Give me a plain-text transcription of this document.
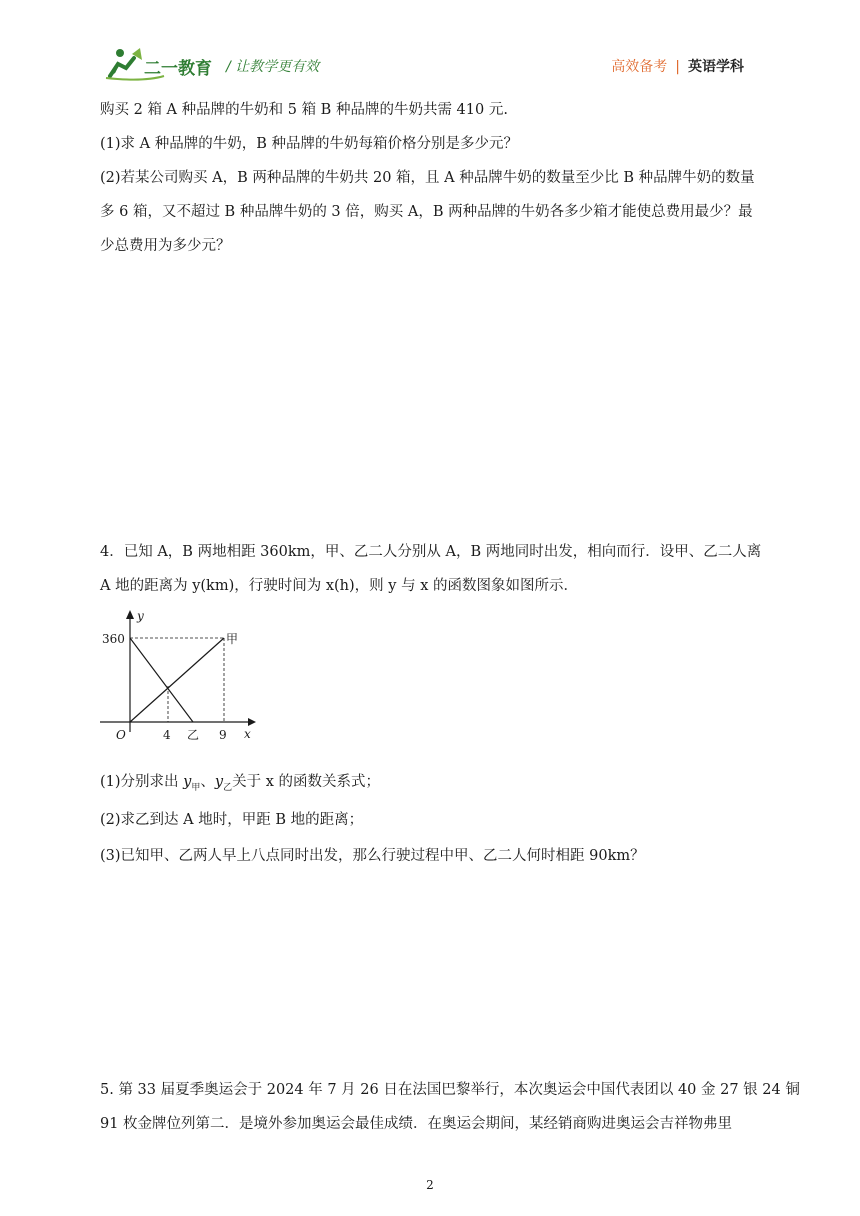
二一教育 / 让教学更有效	高效备考 | 英语学科
购买 2 箱 A 种品牌的牛奶和 5 箱 B 种品牌的牛奶共需 410 元.
(1)求 A 种品牌的牛奶，B 种品牌的牛奶每箱价格分别是多少元？
(2)若某公司购买 A，B 两种品牌的牛奶共 20 箱，且 A 种品牌牛奶的数量至少比 B 种品牌牛奶的数量
多 6 箱，又不超过 B 种品牌牛奶的 3 倍，购买 A，B 两种品牌的牛奶各多少箱才能使总费用最少？最
少总费用为多少元？
4．已知 A，B 两地相距 360km，甲、乙二人分别从 A，B 两地同时出发，相向而行．设甲、乙二人离
A 地的距离为 y(km)，行驶时间为 x(h)，则 y 与 x 的函数图象如图所示．
y
x
O
360
4	9
甲
乙
(1)分别求出 $y_甲$、$y_乙$关于 x 的函数关系式；
(2)求乙到达 A 地时，甲距 B 地的距离；
(3)已知甲、乙两人早上八点同时出发，那么行驶过程中甲、乙二人何时相距 90km？
5. 第 33 届夏季奥运会于 2024 年 7 月 26 日在法国巴黎举行，本次奥运会中国代表团以 40 金 27 银 24 铜
91 枚金牌位列第二．是境外参加奥运会最佳成绩．在奥运会期间，某经销商购进奥运会吉祥物弗里
2
